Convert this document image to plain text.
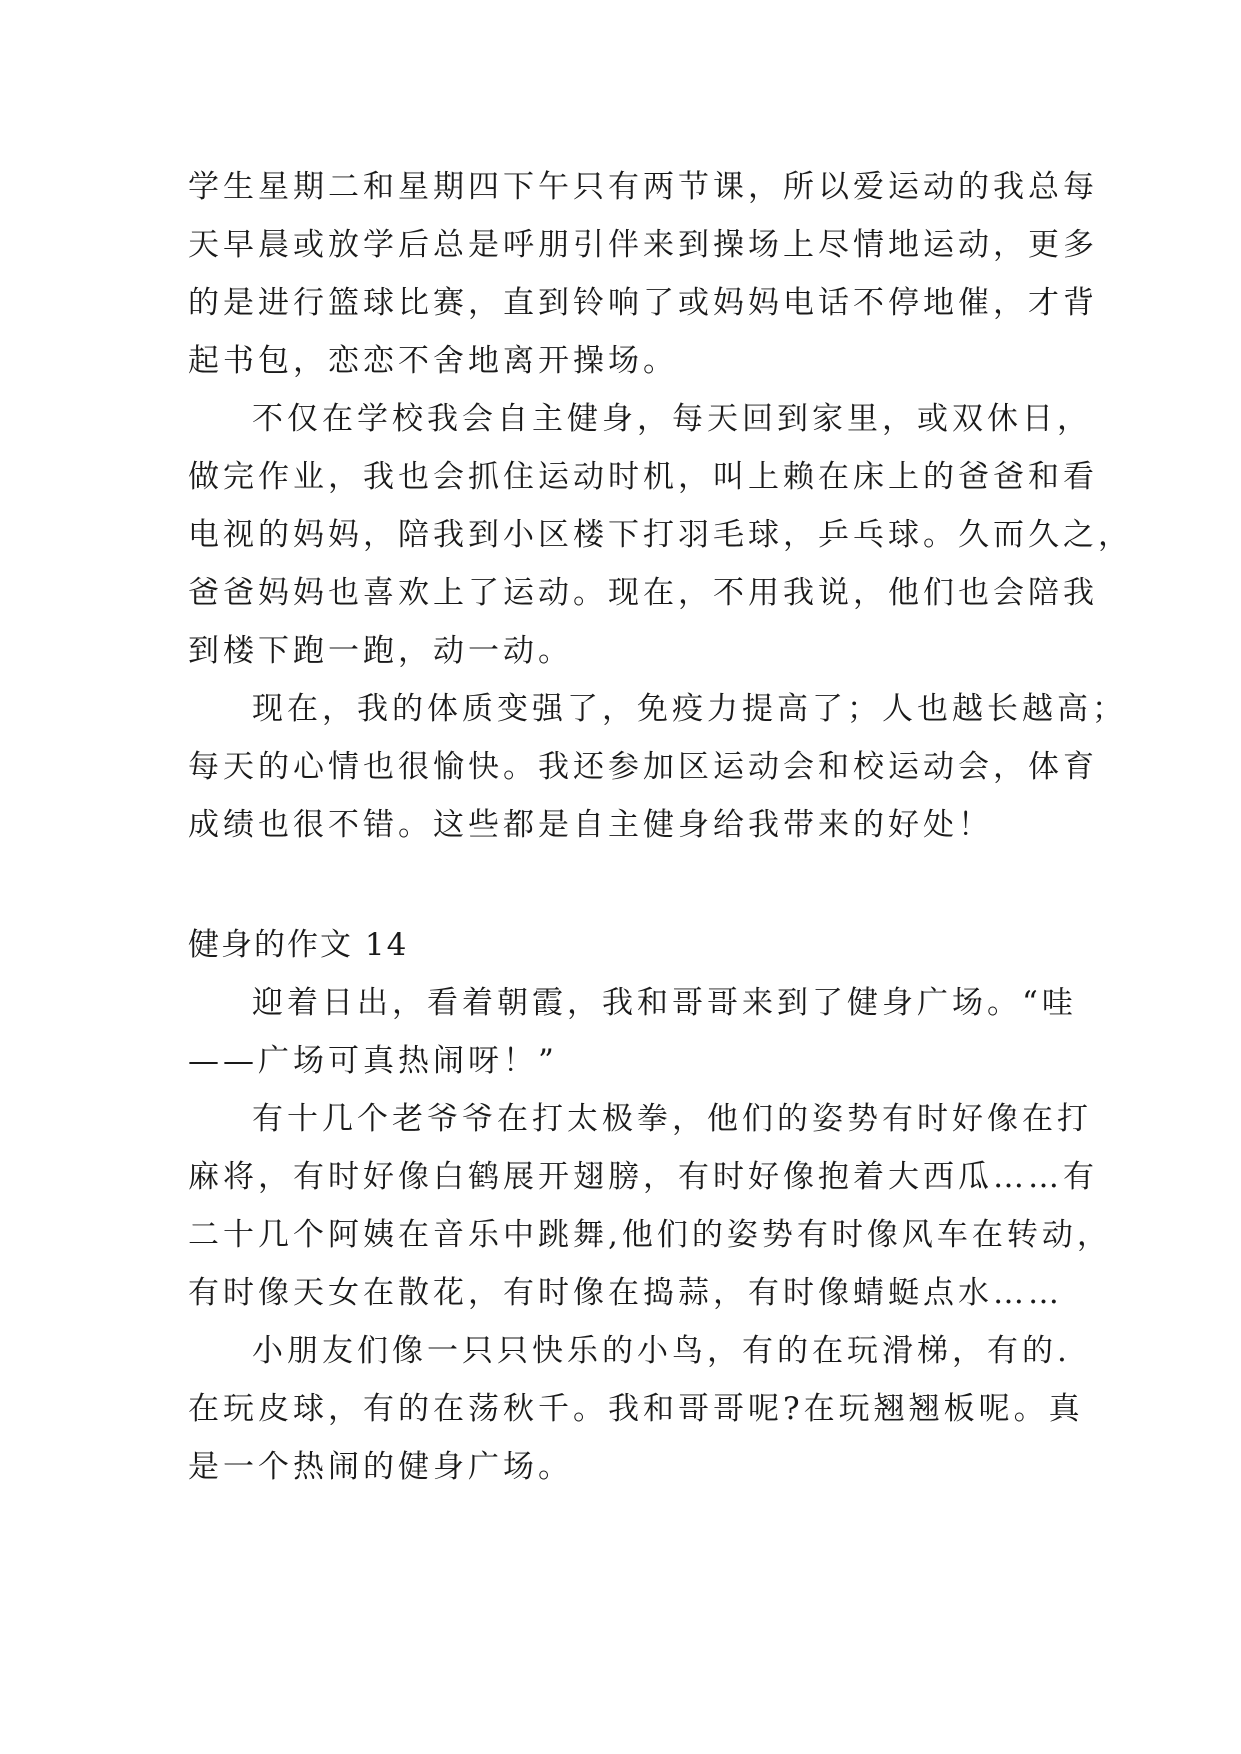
学生星期二和星期四下午只有两节课，所以爱运动的我总每
天早晨或放学后总是呼朋引伴来到操场上尽情地运动，更多
的是进行篮球比赛，直到铃响了或妈妈电话不停地催，才背
起书包，恋恋不舍地离开操场。
不仅在学校我会自主健身，每天回到家里，或双休日，
做完作业，我也会抓住运动时机，叫上赖在床上的爸爸和看
电视的妈妈，陪我到小区楼下打羽毛球，乒乓球。久而久之，
爸爸妈妈也喜欢上了运动。现在，不用我说，他们也会陪我
到楼下跑一跑，动一动。
现在，我的体质变强了，免疫力提高了；人也越长越高；
每天的心情也很愉快。我还参加区运动会和校运动会，体育
成绩也很不错。这些都是自主健身给我带来的好处！
健身的作文 14
迎着日出，看着朝霞，我和哥哥来到了健身广场。“哇
——广场可真热闹呀！”
有十几个老爷爷在打太极拳，他们的姿势有时好像在打
麻将，有时好像白鹤展开翅膀，有时好像抱着大西瓜……有
二十几个阿姨在音乐中跳舞,他们的姿势有时像风车在转动，
有时像天女在散花，有时像在捣蒜，有时像蜻蜓点水……
小朋友们像一只只快乐的小鸟，有的在玩滑梯，有的.
在玩皮球，有的在荡秋千。我和哥哥呢?在玩翘翘板呢。真
是一个热闹的健身广场。
